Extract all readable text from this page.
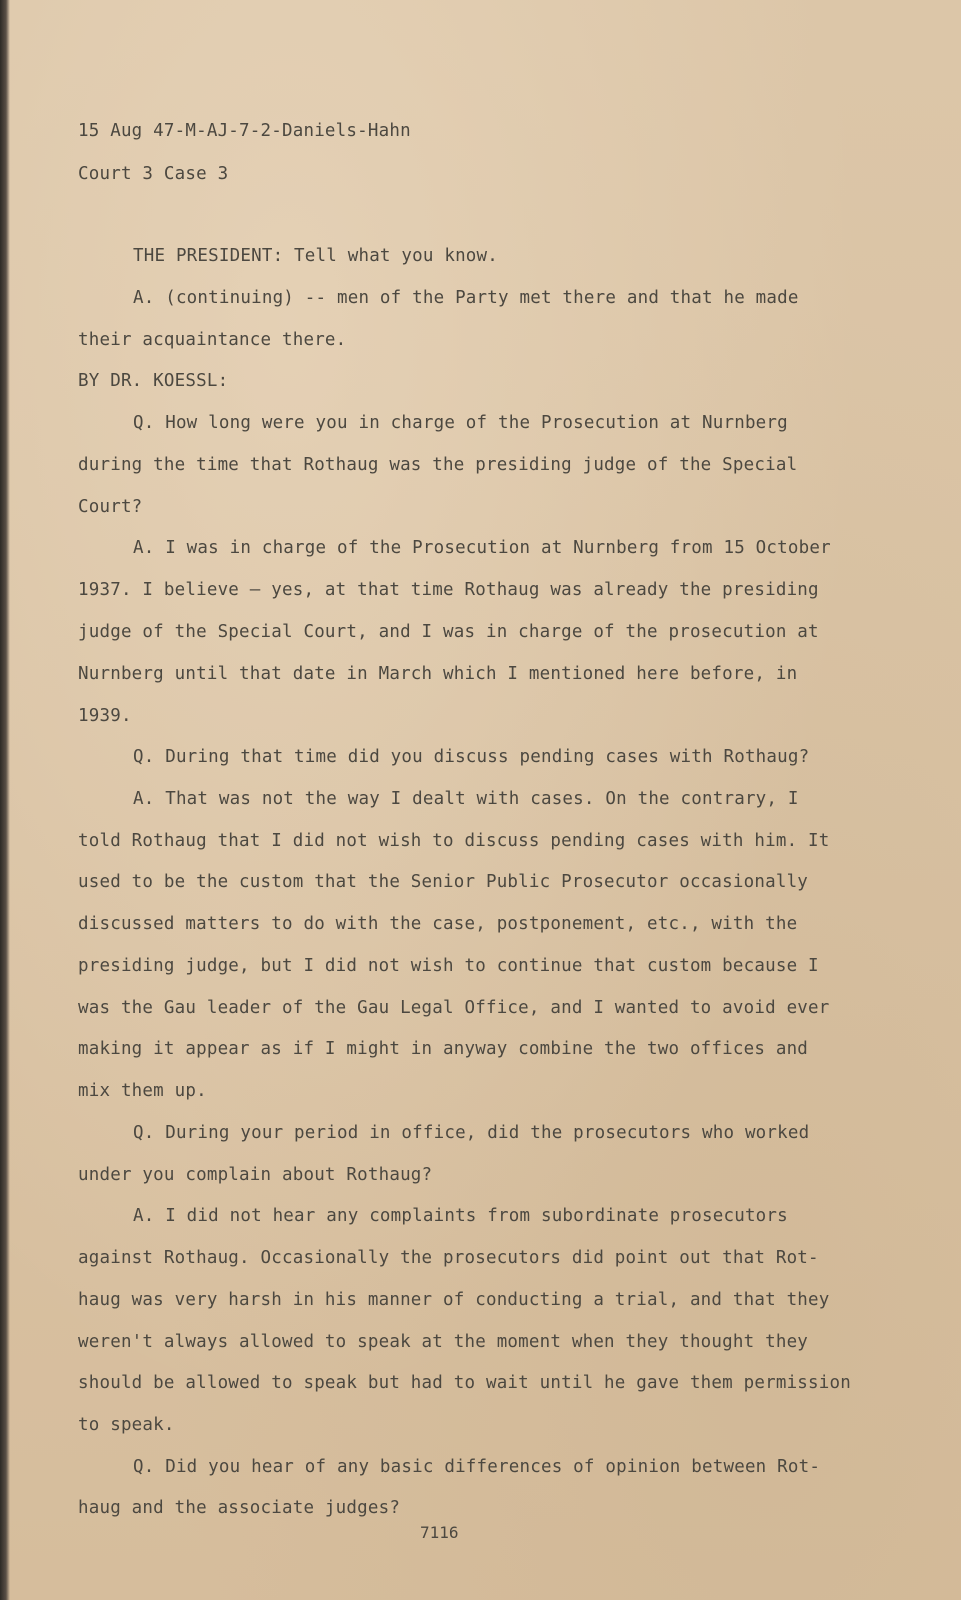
15 Aug 47-M-AJ-7-2-Daniels-Hahn
Court 3 Case 3
THE PRESIDENT: Tell what you know.
A. (continuing) -- men of the Party met there and that he made
their acquaintance there.
BY DR. KOESSL:
Q. How long were you in charge of the Prosecution at Nurnberg
during the time that Rothaug was the presiding judge of the Special
Court?
A. I was in charge of the Prosecution at Nurnberg from 15 October
1937. I believe — yes, at that time Rothaug was already the presiding
judge of the Special Court, and I was in charge of the prosecution at
Nurnberg until that date in March which I mentioned here before, in
1939.
Q. During that time did you discuss pending cases with Rothaug?
A. That was not the way I dealt with cases. On the contrary, I
told Rothaug that I did not wish to discuss pending cases with him. It
used to be the custom that the Senior Public Prosecutor occasionally
discussed matters to do with the case, postponement, etc., with the
presiding judge, but I did not wish to continue that custom because I
was the Gau leader of the Gau Legal Office, and I wanted to avoid ever
making it appear as if I might in anyway combine the two offices and
mix them up.
Q. During your period in office, did the prosecutors who worked
under you complain about Rothaug?
A. I did not hear any complaints from subordinate prosecutors
against Rothaug. Occasionally the prosecutors did point out that Rot-
haug was very harsh in his manner of conducting a trial, and that they
weren't always allowed to speak at the moment when they thought they
should be allowed to speak but had to wait until he gave them permission
to speak.
Q. Did you hear of any basic differences of opinion between Rot-
haug and the associate judges?
7116
